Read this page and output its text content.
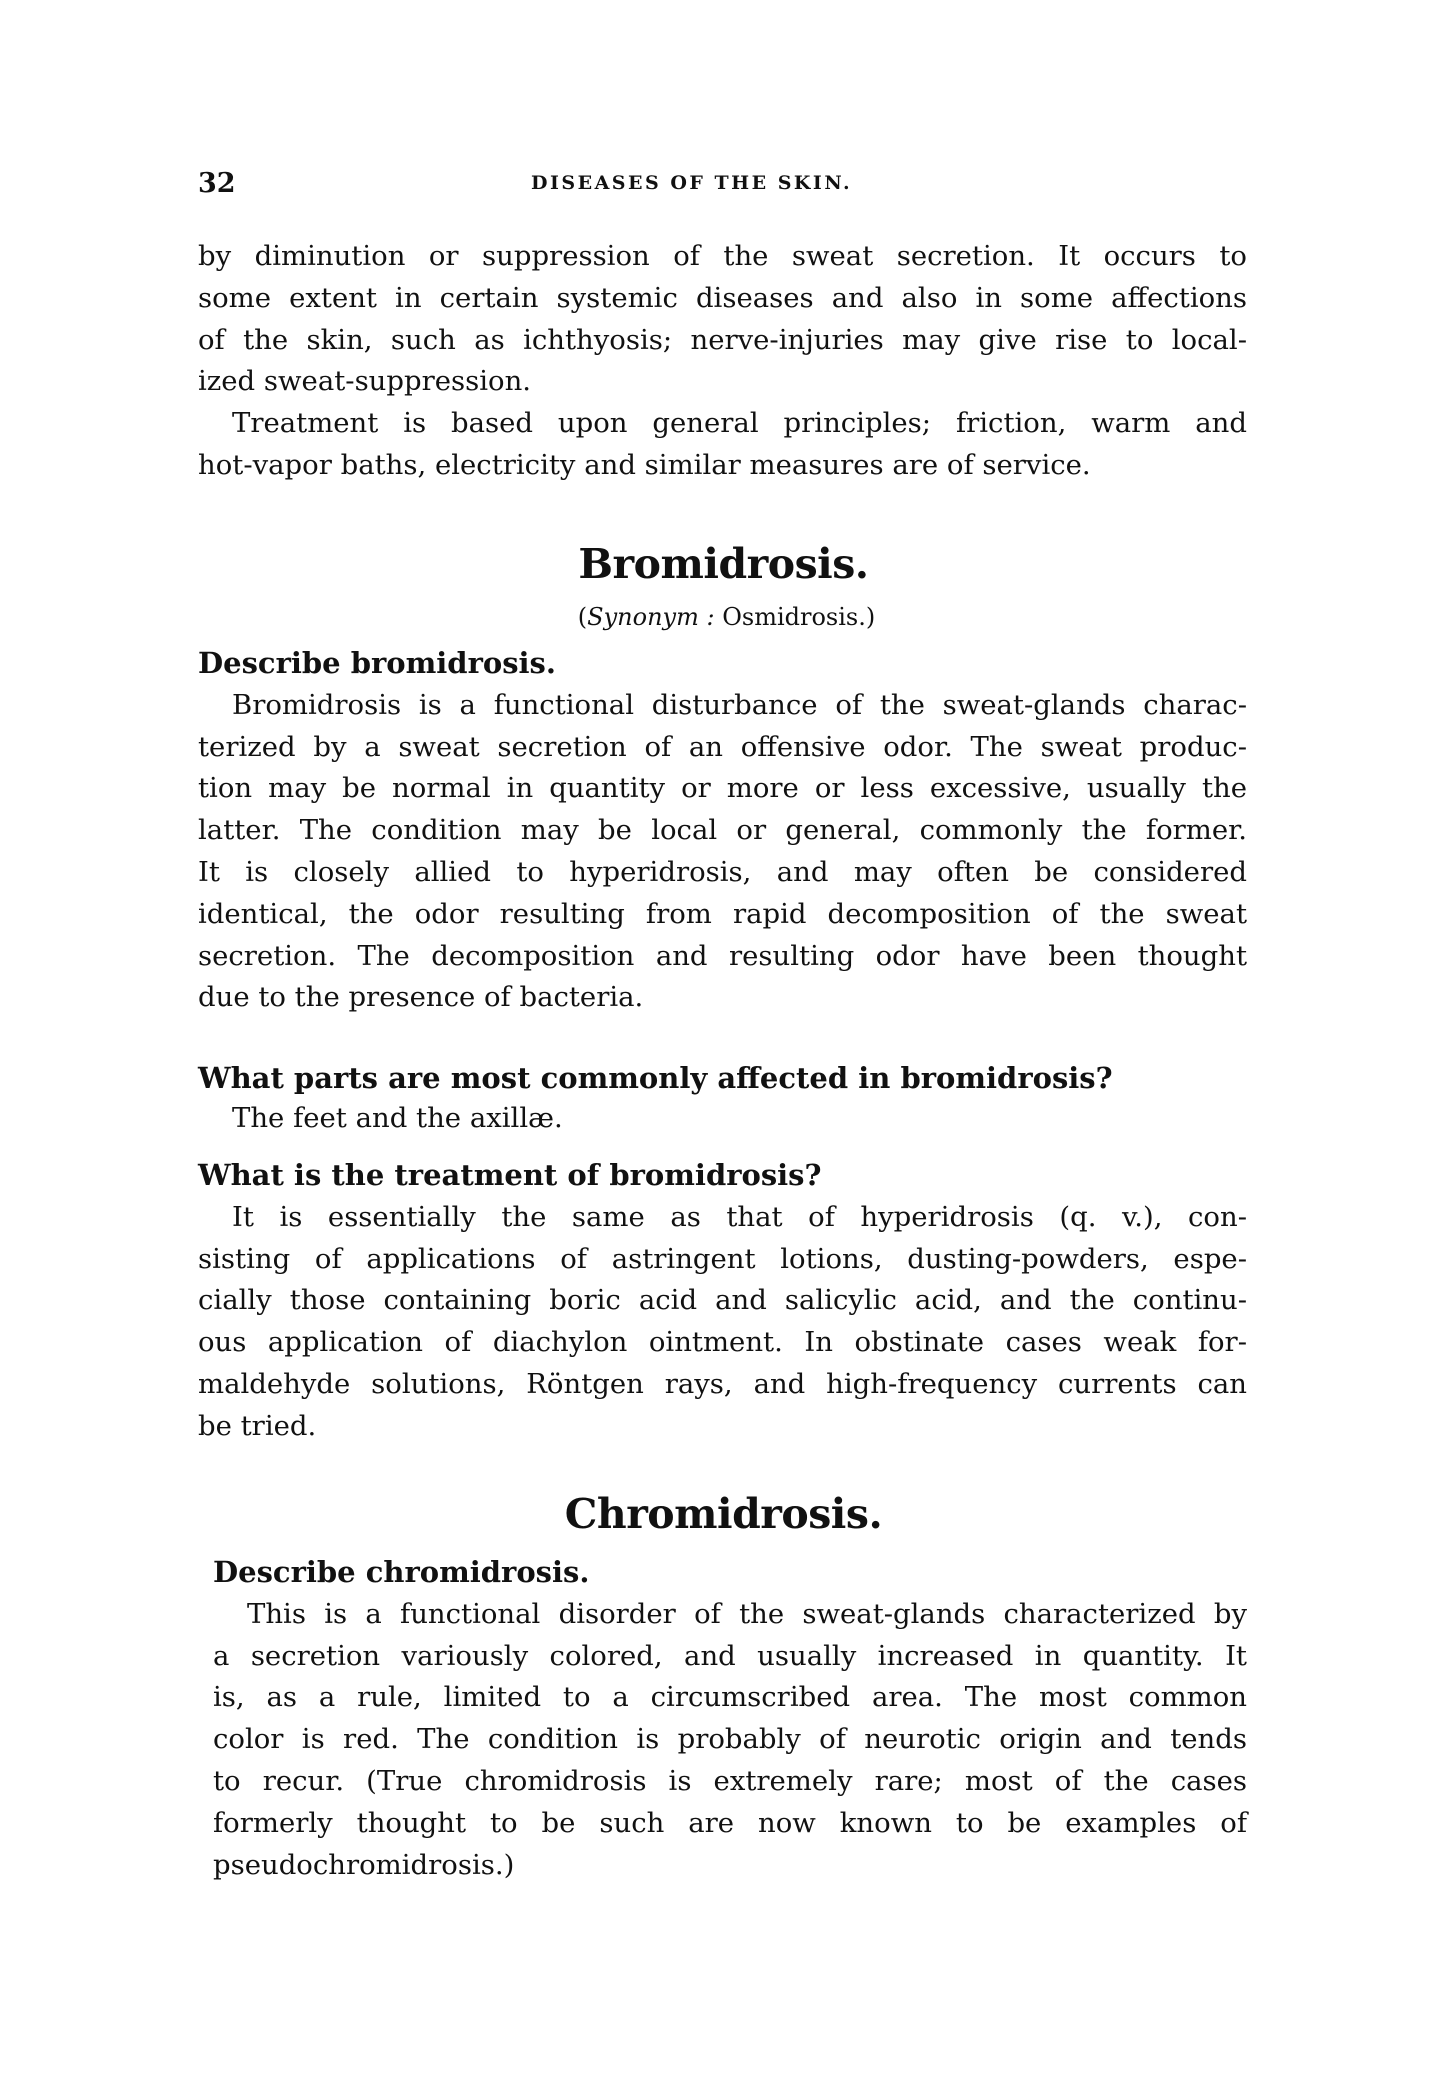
32	DISEASES OF THE SKIN.
by diminution or suppression of the sweat secretion. It occurs to
some extent in certain systemic diseases and also in some affections
of the skin, such as ichthyosis; nerve-injuries may give rise to local-
ized sweat-suppression.
Treatment is based upon general principles; friction, warm and
hot-vapor baths, electricity and similar measures are of service.
Bromidrosis.
(Synonym : Osmidrosis.)
Describe bromidrosis.
Bromidrosis is a functional disturbance of the sweat-glands charac-
terized by a sweat secretion of an offensive odor. The sweat produc-
tion may be normal in quantity or more or less excessive, usually the
latter. The condition may be local or general, commonly the former.
It is closely allied to hyperidrosis, and may often be considered
identical, the odor resulting from rapid decomposition of the sweat
secretion. The decomposition and resulting odor have been thought
due to the presence of bacteria.
What parts are most commonly affected in bromidrosis?
The feet and the axillæ.
What is the treatment of bromidrosis?
It is essentially the same as that of hyperidrosis (q. v.), con-
sisting of applications of astringent lotions, dusting-powders, espe-
cially those containing boric acid and salicylic acid, and the continu-
ous application of diachylon ointment. In obstinate cases weak for-
maldehyde solutions, Röntgen rays, and high-frequency currents can
be tried.
Chromidrosis.
Describe chromidrosis.
This is a functional disorder of the sweat-glands characterized by
a secretion variously colored, and usually increased in quantity. It
is, as a rule, limited to a circumscribed area. The most common
color is red. The condition is probably of neurotic origin and tends
to recur. (True chromidrosis is extremely rare; most of the cases
formerly thought to be such are now known to be examples of
pseudochromidrosis.)
